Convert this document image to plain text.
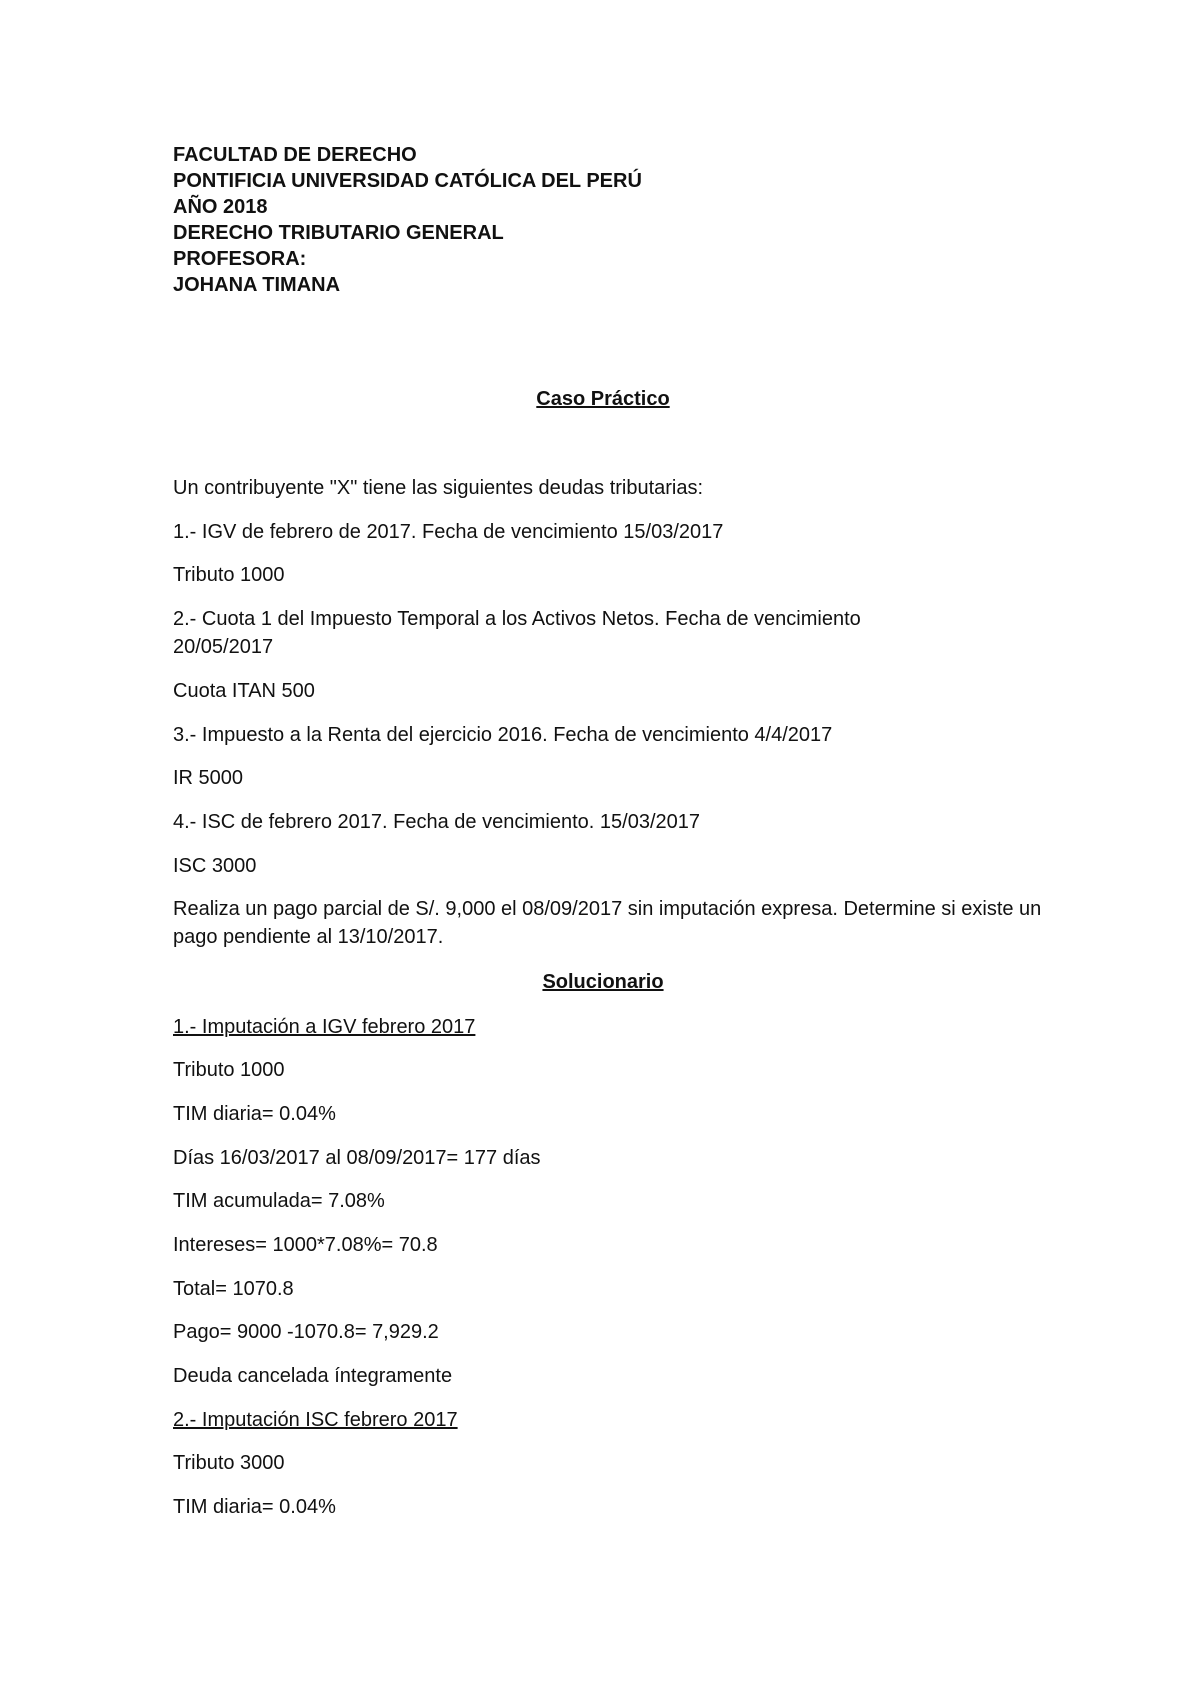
FACULTAD DE DERECHO
PONTIFICIA UNIVERSIDAD CATÓLICA DEL PERÚ
AÑO 2018
DERECHO TRIBUTARIO GENERAL
PROFESORA:
JOHANA TIMANA
Caso Práctico
Un contribuyente "X" tiene las siguientes deudas tributarias:
1.- IGV de febrero de 2017. Fecha de vencimiento 15/03/2017
Tributo 1000
2.- Cuota 1 del Impuesto Temporal a los Activos Netos. Fecha de vencimiento 20/05/2017
Cuota ITAN 500
3.- Impuesto a la Renta del ejercicio 2016. Fecha de vencimiento 4/4/2017
IR 5000
4.- ISC de febrero 2017. Fecha de vencimiento. 15/03/2017
ISC 3000
Realiza un pago parcial de S/. 9,000 el 08/09/2017 sin imputación expresa. Determine si existe un pago pendiente al 13/10/2017.
Solucionario
1.- Imputación a IGV febrero 2017
Tributo 1000
TIM diaria= 0.04%
Días 16/03/2017 al 08/09/2017= 177 días
TIM acumulada= 7.08%
Intereses= 1000*7.08%= 70.8
Total= 1070.8
Pago= 9000 -1070.8= 7,929.2
Deuda cancelada íntegramente
2.- Imputación ISC febrero 2017
Tributo 3000
TIM diaria= 0.04%
